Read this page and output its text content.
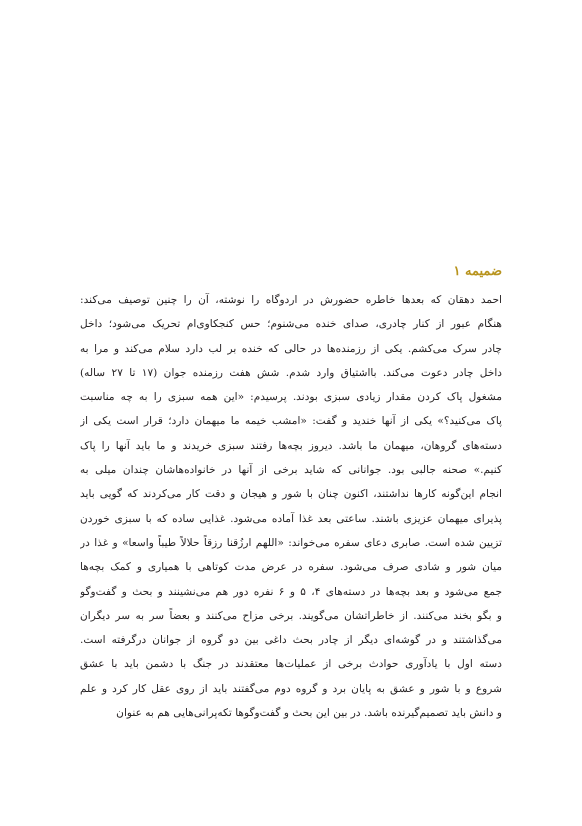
ضمیمه ۱
احمد دهقان که بعدها خاطره حضورش در اردوگاه را نوشته، آن را چنین توصیف می‌کند:
هنگام عبور از کنار چادری، صدای خنده می‌شنوم؛ حس کنجکاوی‌ام تحریک می‌شود؛ داخل
چادر سرک می‌کشم. یکی از رزمنده‌ها در حالی که خنده بر لب دارد سلام می‌کند و مرا به
داخل چادر دعوت می‌کند. بااشتیاق وارد شدم. شش هفت رزمنده جوان (۱۷ تا ۲۷ ساله)
مشغول پاک کردن مقدار زیادی سبزی بودند. پرسیدم: «این همه سبزی را به چه مناسبت
پاک می‌کنید؟» یکی از آنها خندید و گفت: «امشب خیمه ما میهمان دارد؛ قرار است یکی از
دسته‌های گروهان، میهمان ما باشد. دیروز بچه‌ها رفتند سبزی خریدند و ما باید آنها را پاک
کنیم.» صحنه جالبی بود. جوانانی که شاید برخی از آنها در خانواده‌هاشان چندان میلی به
انجام این‌گونه کارها نداشتند، اکنون چنان با شور و هیجان و دقت کار می‌کردند که گویی باید
پذیرای میهمان عزیزی باشند. ساعتی بعد غذا آماده می‌شود. غذایی ساده که با سبزی خوردن
تزیین شده است. صابری دعای سفره می‌خواند: «اللهم ارزُقنا رزقاً حلالاً طیباً واسعا» و غذا در
میان شور و شادی صرف می‌شود. سفره در عرض مدت کوتاهی با همیاری و کمک بچه‌ها
جمع می‌شود و بعد بچه‌ها در دسته‌های ۴، ۵ و ۶ نفره دور هم می‌نشینند و بحث و گفت‌وگو
و بگو بخند می‌کنند. از خاطراتشان می‌گویند. برخی مزاح می‌کنند و بعضاً سر به سر دیگران
می‌گذاشتند و در گوشه‌ای دیگر از چادر بحث داغی بین دو گروه از جوانان درگرفته است.
دسته اول با یادآوری حوادث برخی از عملیات‌ها معتقدند در جنگ با دشمن باید با عشق
شروع و با شور و عشق به پایان برد و گروه دوم می‌گفتند باید از روی عقل کار کرد و علم
و دانش باید تصمیم‌گیرنده باشد. در بین این بحث و گفت‌وگوها تکه‌پرانی‌هایی هم به عنوان
